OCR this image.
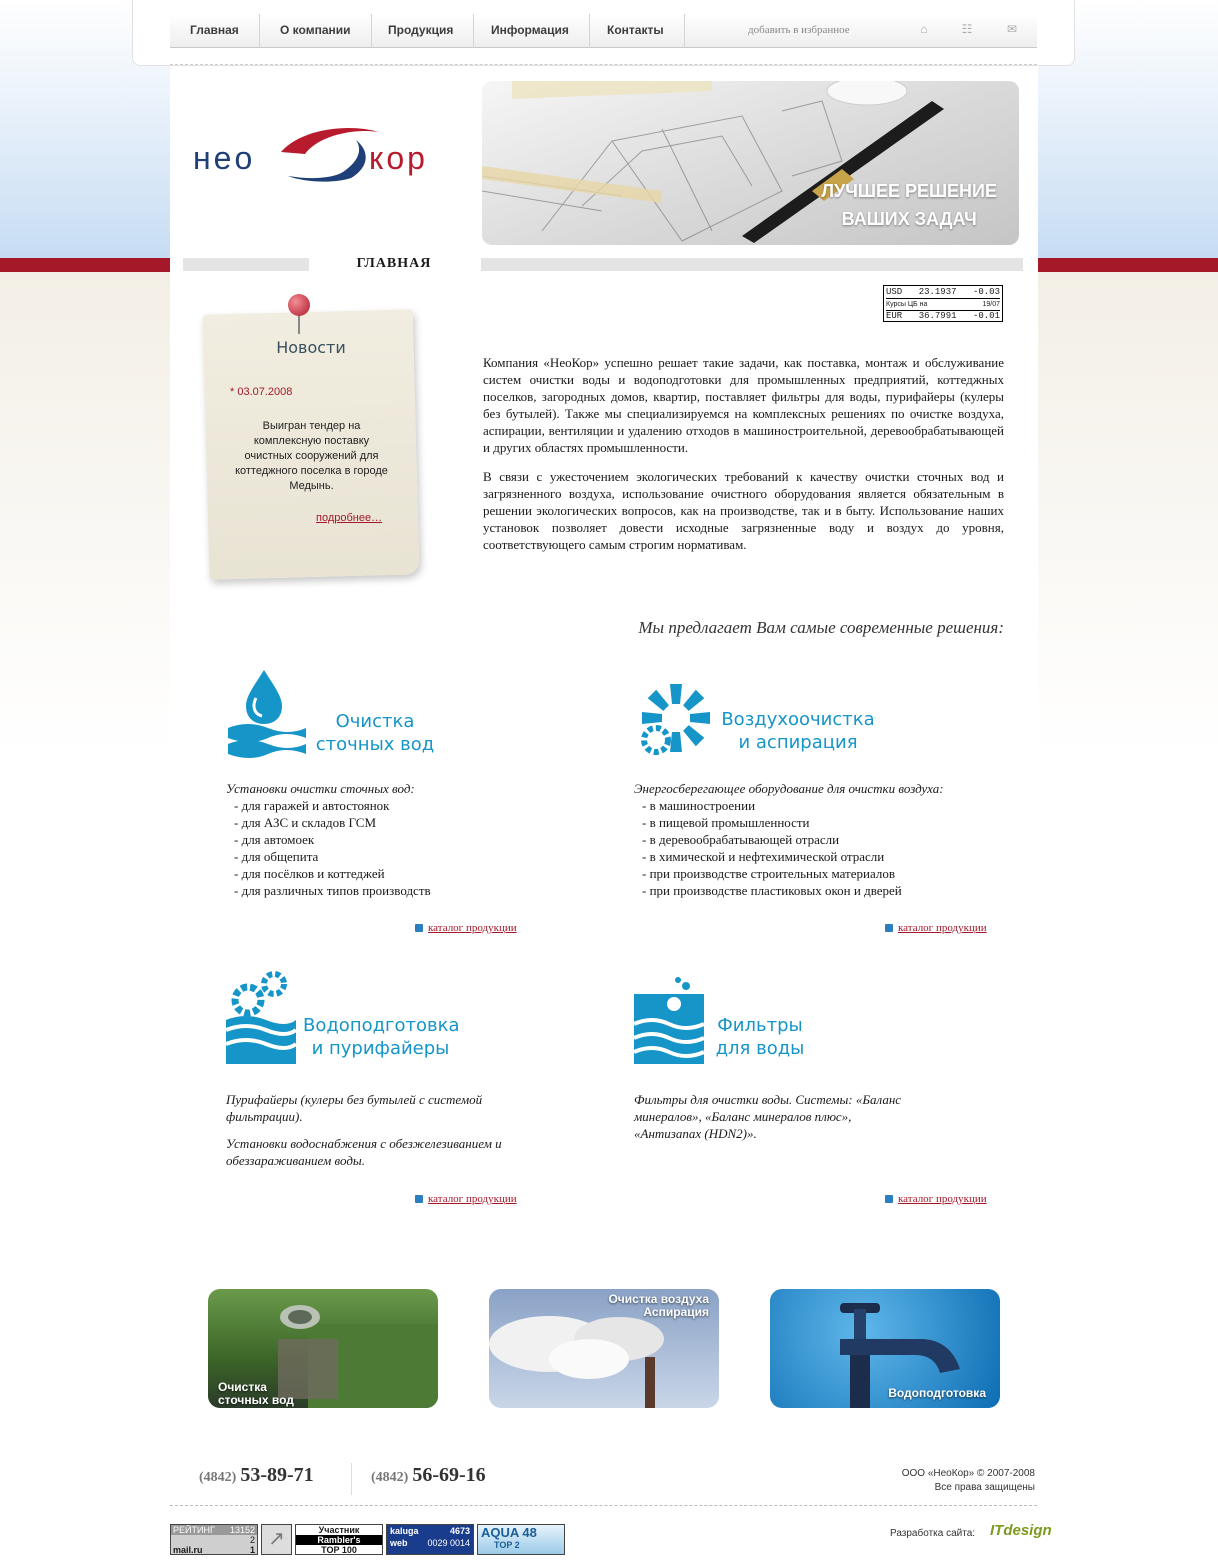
Главная	О компании	Продукция	Информация	Контакты	добавить в избранное	⌂	☷	✉
нео	кор
ЛУЧШЕЕ РЕШЕНИЕ
ВАШИХ ЗАДАЧ
ГЛАВНАЯ
USD 23.1937 -0.03
Курсы ЦБ на	19/07
EUR 36.7991 -0.01
Новости
* 03.07.2008
Выигран тендер на комплексную поставку очистных сооружений для коттеджного поселка в городе Медынь.
подробнее…

Компания «НеоКор» успешно решает такие задачи, как поставка, монтаж и обслуживание систем очистки воды и водоподготовки для промышленных предприятий, коттеджных поселков, загородных домов, квартир, поставляет фильтры для воды, пурифайеры (кулеры без бутылей). Также мы специализируемся на комплексных решениях по очистке воздуха, аспирации, вентиляции и удалению отходов в машиностроительной, деревообрабатывающей и других областях промышленности.

В связи с ужесточением экологических требований к качеству очистки сточных вод и загрязненного воздуха, использование очистного оборудования является обязательным в решении экологических вопросов, как на производстве, так и в быту. Использование наших установок позволяет довести исходные загрязненные воду и воздух до уровня, соответствующего самым строгим нормативам.

Мы предлагает Вам самые современные решения:
Очистка
сточных вод
Установки очистки сточных вод:
- для гаражей и автостоянок
- для АЗС и складов ГСМ
- для автомоек
- для общепита
- для посёлков и коттеджей
- для различных типов производств
каталог продукции
Воздухоочистка
и аспирация
Энергосберегающее оборудование для очистки воздуха:
- в машиностроении
- в пищевой промышленности
- в деревообрабатывающей отрасли
- в химической и нефтехимической отрасли
- при производстве строительных материалов
- при производстве пластиковых окон и дверей
каталог продукции
Водоподготовка
и пурифайеры

Пурифайеры (кулеры без бутылей с системой фильтрации).

Установки водоснабжения с обезжелезиванием и обеззараживанием воды.

каталог продукции
Фильтры
для воды

Фильтры для очистки воды. Системы: «Баланс минералов», «Баланс минералов плюс», «Антизапах (HDN2)».

каталог продукции
Очистка
сточных вод
Очистка воздуха
Аспирация
Водоподготовка
(4842) 53-89-71	(4842) 56-69-16	ООО «НеоКор» © 2007-2008
Все права защищены
РЕЙТИНГ 13152
2
mail.ru	1 ↗	Участник
Rambler's
TOP 100
kaluga	4673
web 0029 0014
AQUA 48
TOP 2
Разработка сайта: ITdesign
